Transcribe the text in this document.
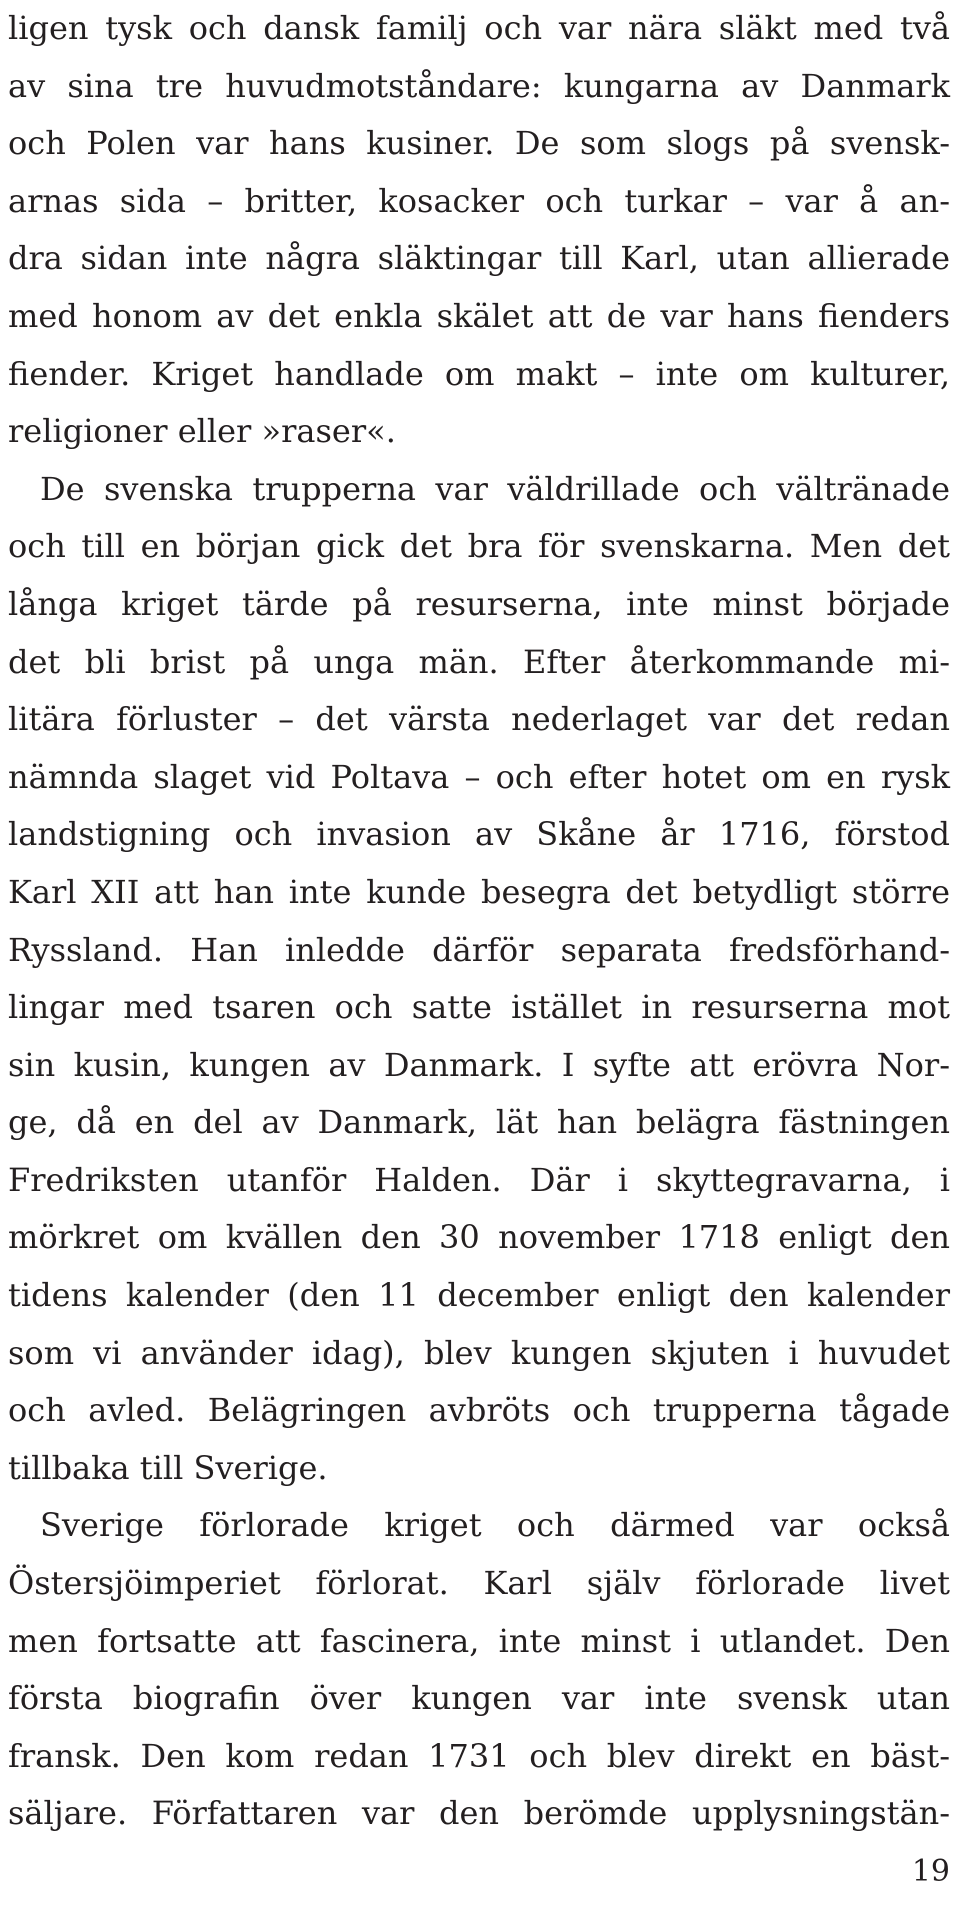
ligen tysk och dansk familj och var nära släkt med två
av sina tre huvudmotståndare: kungarna av Danmark
och Polen var hans kusiner. De som slogs på svensk-
arnas sida – britter, kosacker och turkar – var å an-
dra sidan inte några släktingar till Karl, utan allierade
med honom av det enkla skälet att de var hans fienders
fiender. Kriget handlade om makt – inte om kulturer,
religioner eller »raser«.
De svenska trupperna var väldrillade och vältränade
och till en början gick det bra för svenskarna. Men det
långa kriget tärde på resurserna, inte minst började
det bli brist på unga män. Efter återkommande mi-
litära förluster – det värsta nederlaget var det redan
nämnda slaget vid Poltava – och efter hotet om en rysk
landstigning och invasion av Skåne år 1716, förstod
Karl XII att han inte kunde besegra det betydligt större
Ryssland. Han inledde därför separata fredsförhand-
lingar med tsaren och satte istället in resurserna mot
sin kusin, kungen av Danmark. I syfte att erövra Nor-
ge, då en del av Danmark, lät han belägra fästningen
Fredriksten utanför Halden. Där i skyttegravarna, i
mörkret om kvällen den 30 november 1718 enligt den
tidens kalender (den 11 december enligt den kalender
som vi använder idag), blev kungen skjuten i huvudet
och avled. Belägringen avbröts och trupperna tågade
tillbaka till Sverige.
Sverige förlorade kriget och därmed var också
Östersjöimperiet förlorat. Karl själv förlorade livet
men fortsatte att fascinera, inte minst i utlandet. Den
första biografin över kungen var inte svensk utan
fransk. Den kom redan 1731 och blev direkt en bäst-
säljare. Författaren var den berömde upplysningstän-
19
